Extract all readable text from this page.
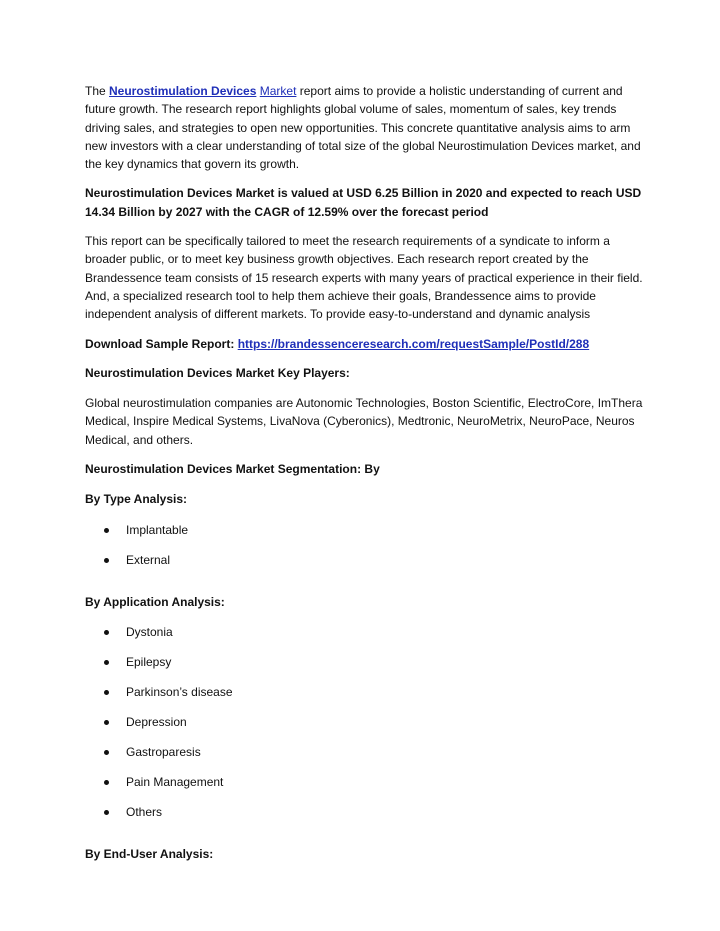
The Neurostimulation Devices Market report aims to provide a holistic understanding of current and future growth. The research report highlights global volume of sales, momentum of sales, key trends driving sales, and strategies to open new opportunities. This concrete quantitative analysis aims to arm new investors with a clear understanding of total size of the global Neurostimulation Devices market, and the key dynamics that govern its growth.

Neurostimulation Devices Market is valued at USD 6.25 Billion in 2020 and expected to reach USD 14.34 Billion by 2027 with the CAGR of 12.59% over the forecast period

This report can be specifically tailored to meet the research requirements of a syndicate to inform a broader public, or to meet key business growth objectives. Each research report created by the Brandessence team consists of 15 research experts with many years of practical experience in their field. And, a specialized research tool to help them achieve their goals, Brandessence aims to provide independent analysis of different markets. To provide easy-to-understand and dynamic analysis

Download Sample Report: https://brandessenceresearch.com/requestSample/PostId/288

Neurostimulation Devices Market Key Players:

Global neurostimulation companies are Autonomic Technologies, Boston Scientific, ElectroCore, ImThera Medical, Inspire Medical Systems, LivaNova (Cyberonics), Medtronic, NeuroMetrix, NeuroPace, Neuros Medical, and others.

Neurostimulation Devices Market Segmentation: By

By Type Analysis:

Implantable
External

By Application Analysis:

Dystonia
Epilepsy
Parkinson’s disease
Depression
Gastroparesis
Pain Management
Others

By End-User Analysis:
